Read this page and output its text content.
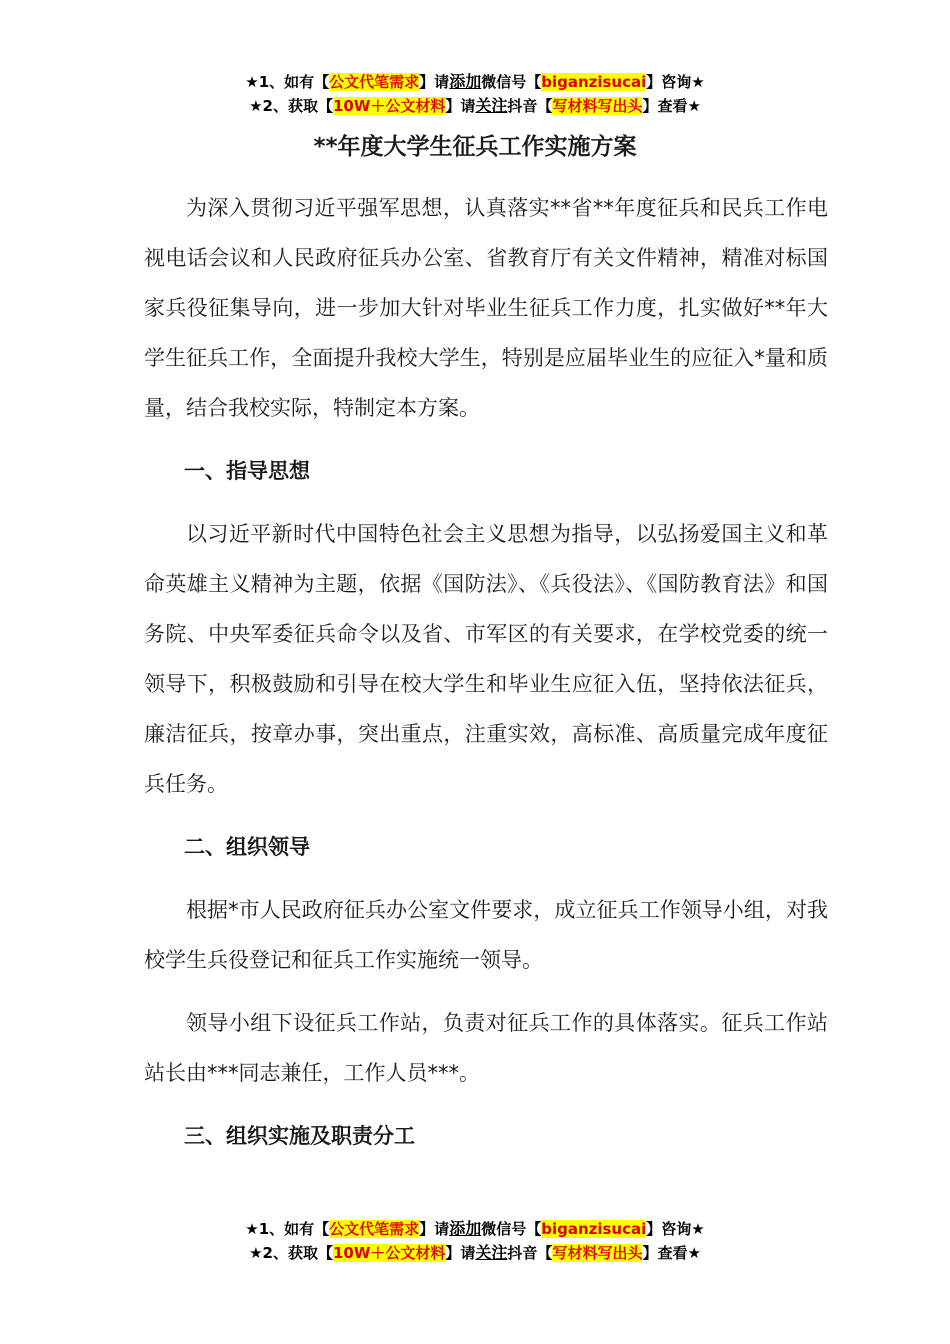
★1、如有【公文代笔需求】请添加微信号【biganzisucai】咨询★
★2、获取【10W＋公文材料】请关注抖音【写材料写出头】查看★
**年度大学生征兵工作实施方案

为深入贯彻习近平强军思想，认真落实**省**年度征兵和民兵工作电视电话会议和人民政府征兵办公室、省教育厅有关文件精神，精准对标国家兵役征集导向，进一步加大针对毕业生征兵工作力度，扎实做好**年大学生征兵工作，全面提升我校大学生，特别是应届毕业生的应征入*量和质量，结合我校实际，特制定本方案。

一、指导思想

以习近平新时代中国特色社会主义思想为指导，以弘扬爱国主义和革命英雄主义精神为主题，依据《国防法》、《兵役法》、《国防教育法》和国务院、中央军委征兵命令以及省、市军区的有关要求，在学校党委的统一领导下，积极鼓励和引导在校大学生和毕业生应征入伍，坚持依法征兵，廉洁征兵，按章办事，突出重点，注重实效，高标准、高质量完成年度征兵任务。

二、组织领导

根据*市人民政府征兵办公室文件要求，成立征兵工作领导小组，对我校学生兵役登记和征兵工作实施统一领导。

领导小组下设征兵工作站，负责对征兵工作的具体落实。征兵工作站站长由***同志兼任，工作人员***。

三、组织实施及职责分工

★1、如有【公文代笔需求】请添加微信号【biganzisucai】咨询★
★2、获取【10W＋公文材料】请关注抖音【写材料写出头】查看★
